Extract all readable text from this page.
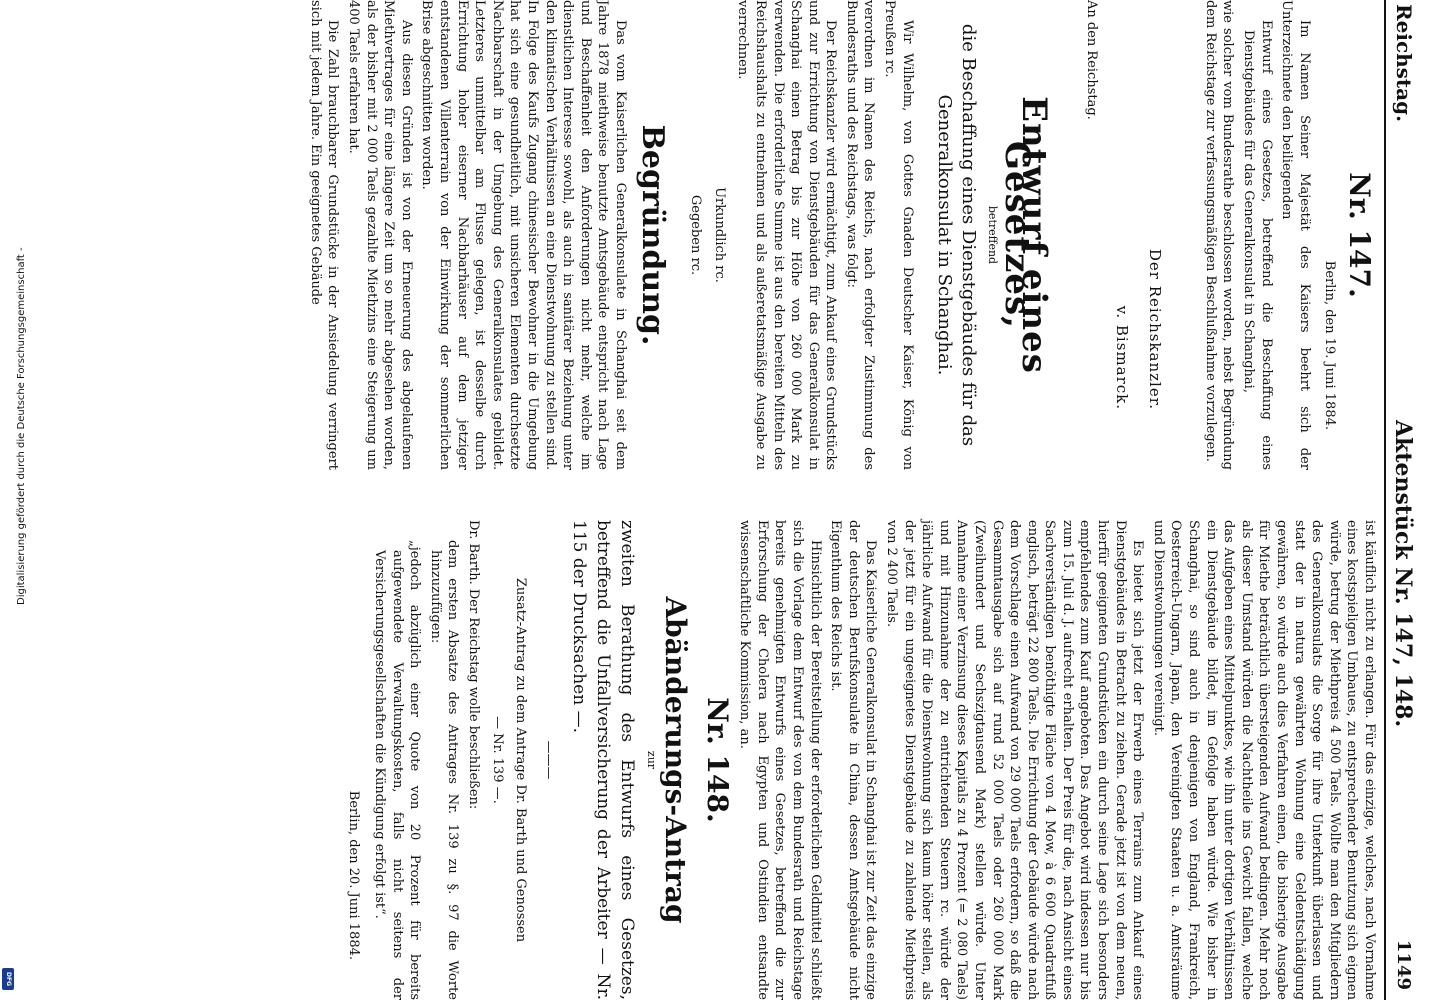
Digitalisierung gefördert durch die Deutsche Forschungsgemeinschaft -
DFG
Reichstag.
Aktenstück Nr. 147, 148.
1149
Nr. 147.
Berlin, den 19. Juni 1884.
Im Namen Seiner Majestät des Kaisers beehrt sich der Unterzeichnete den beiliegenden
Entwurf eines Gesetzes, betreffend die Beschaffung eines Dienstgebäudes für das Generalkonsulat in Schanghai,
wie solcher vom Bundesrathe beschlossen worden, nebst Begründung dem Reichstage zur verfassungsmäßigen Beschlußnahme vorzulegen.
Der Reichskanzler.
v. Bismarck.
An den Reichstag.
Entwurf eines Gesetzes,
betreffend
die Beschaffung eines Dienstgebäudes für das Generalkonsulat in Schanghai.
Wir Wilhelm, von Gottes Gnaden Deutscher Kaiser, König von Preußen rc.
verordnen im Namen des Reichs, nach erfolgter Zustimmung des Bundesraths und des Reichstags, was folgt:
Der Reichskanzler wird ermächtigt, zum Ankauf eines Grundstücks und zur Errichtung von Dienstgebäuden für das Generalkonsulat in Schanghai einen Betrag bis zur Höhe von 260 000 Mark zu verwenden. Die erforderliche Summe ist aus den bereiten Mitteln des Reichshaushalts zu entnehmen und als außeretatsmäßige Ausgabe zu verrechnen.
Urkundlich rc.
Gegeben rc.
Begründung.
Das vom Kaiserlichen Generalkonsulate in Schanghai seit dem Jahre 1878 miethweise benutzte Amtsgebäude entspricht nach Lage und Beschaffenheit den Anforderungen nicht mehr, welche im dienstlichen Interesse sowohl, als auch in sanitärer Beziehung unter den klimatischen Verhältnissen an eine Dienstwohnung zu stellen sind. In Folge des Kaufs Zugang chinesischer Bewohner in die Umgebung hat sich eine gesundheitlich, mit unsicheren Elementen durchsetzte Nachbarschaft in der Umgebung des Generalkonsulates gebildet. Letzteres unmittelbar am Flusse gelegen, ist desselbe durch Errichtung hoher eiserner Nachbarhäuser auf dem jetziger entstandenen Villenterrain von der Einwirkung der sommerlichen Brise abgeschnitten worden.
Aus diesen Gründen ist von der Erneuerung des abgelaufenen Miethvertrages für eine längere Zeit um so mehr abgesehen worden, als der bisher mit 2 000 Taels gezahlte Miethzins eine Steigerung um 400 Taels erfahren hat.
Die Zahl brauchbarer Grundstücke in der Ansiedelung verringert sich mit jedem Jahre. Ein geeignetes Gebäude
ist käuflich nicht zu erlangen. Für das einzige, welches, nach Vornahme eines kostspieligen Umbaues, zu entsprechender Benutzung sich eignen würde, betrug der Miethpreis 4 500 Taels. Wollte man den Mitgliedern des Generalkonsulats die Sorge für ihre Unterkunft überlassen und statt der in natura gewährten Wohnung eine Geldentschädigung gewähren, so würde auch dies Verfahren einen, die bisherige Ausgabe für Miethe beträchtlich übersteigenden Aufwand bedingen. Mehr noch als dieser Umstand würden die Nachtheile ins Gewicht fallen, welche das Aufgeben eines Mittelpunktes, wie ihn unter dortigen Verhältnissen ein Dienstgebäude bildet, im Gefolge haben würde. Wie bisher in Schanghai, so sind auch in denjenigen von England, Frankreich, Oesterreich-Ungarn, Japan, den Vereinigten Staaten u. a. Amtsräume und Dienstwohnungen vereinigt.
Es bietet sich jetzt der Erwerb eines Terrains zum Ankauf eines Dienstgebäudes in Betracht zu ziehen. Gerade jetzt ist von dem neuen, hierfür geeigneten Grundstücken ein durch seine Lage sich besonders empfehlendes zum Kauf angeboten. Das Angebot wird indessen nur bis zum 15. Juli d. J. aufrecht erhalten. Der Preis für die, nach Ansicht eines Sachverständigen benöthigte Fläche von 4 Mow, à 6 600 Quadratfuß englisch, beträgt 22 800 Taels. Die Errichtung der Gebäude würde nach dem Vorschlage einen Aufwand von 29 000 Taels erfordern, so daß die Gesammtausgabe sich auf rund 52 000 Taels oder 260 000 Mark (Zweihundert und Sechszigtausend Mark) stellen würde. Unter Annahme einer Verzinsung dieses Kapitals zu 4 Prozent (= 2 080 Taels) und mit Hinzunahme der zu entrichtenden Steuern rc. würde der jährliche Aufwand für die Dienstwohnung sich kaum höher stellen, als der jetzt für ein ungeeignetes Dienstgebäude zu zahlende Miethpreis von 2 400 Taels.
Das Kaiserliche Generalkonsulat in Schanghai ist zur Zeit das einzige der deutschen Berufskonsulate in China, dessen Amtsgebäude nicht Eigenthum des Reichs ist.
Hinsichtlich der Bereitstellung der erforderlichen Geldmittel schließt sich die Vorlage dem Entwurf des von dem Bundesrath und Reichstage bereits genehmigten Entwurfs eines Gesetzes, betreffend die zur Erforschung der Cholera nach Egypten und Ostindien entsandte wissenschaftliche Kommission, an.
Nr. 148.
Abänderungs-Antrag
zur
zweiten Berathung des Entwurfs eines Gesetzes, betreffend die Unfallversicherung der Arbeiter — Nr. 115 der Drucksachen —.
———
Zusatz-Antrag zu dem Antrage Dr. Barth und Genossen
— Nr. 139 —.
Dr. Barth. Der Reichstag wolle beschließen:
dem ersten Absatze des Antrages Nr. 139 zu §. 97 die Worte hinzuzufügen:
„jedoch abzüglich einer Quote von 20 Prozent für bereits aufgewendete Verwaltungskosten, falls nicht seitens der Versicherungsgesellschaften die Kündigung erfolgt ist“.
Berlin, den 20. Juni 1884.
